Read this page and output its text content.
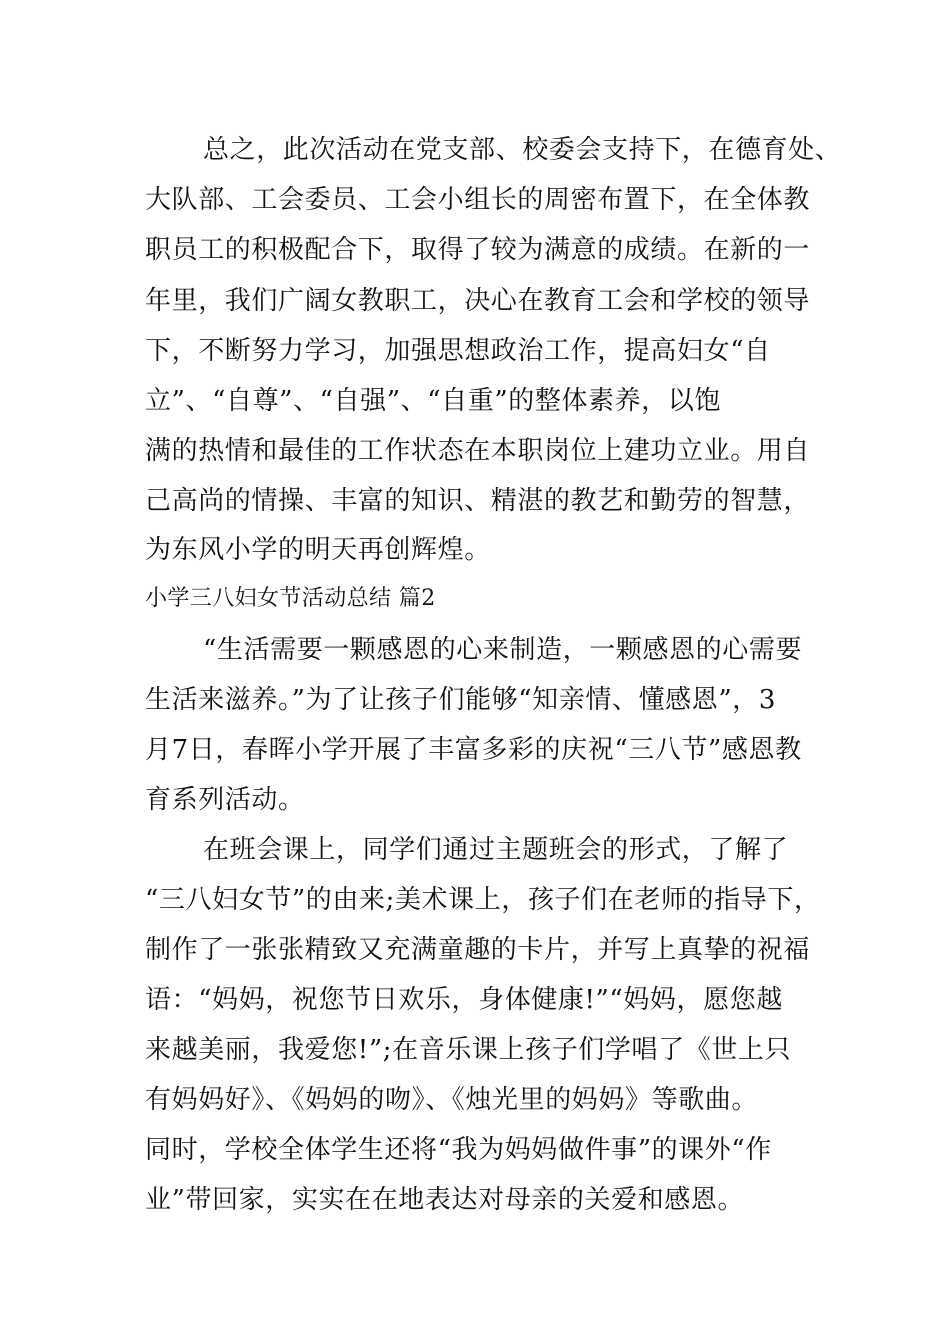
总之，此次活动在党支部、校委会支持下，在德育处、
大队部、工会委员、工会小组长的周密布置下，在全体教
职员工的积极配合下，取得了较为满意的成绩。在新的一
年里，我们广阔女教职工，决心在教育工会和学校的领导
下，不断努力学习，加强思想政治工作，提高妇女“自
立”、“自尊”、“自强”、“自重”的整体素养，以饱
满的热情和最佳的工作状态在本职岗位上建功立业。用自
己高尚的情操、丰富的知识、精湛的教艺和勤劳的智慧，
为东风小学的明天再创辉煌。
小学三八妇女节活动总结 篇2
“生活需要一颗感恩的心来制造，一颗感恩的心需要
生活来滋养。”为了让孩子们能够“知亲情、懂感恩”，3
月7日，春晖小学开展了丰富多彩的庆祝“三八节”感恩教
育系列活动。
在班会课上，同学们通过主题班会的形式，了解了
“三八妇女节”的由来;美术课上，孩子们在老师的指导下，
制作了一张张精致又充满童趣的卡片，并写上真挚的祝福
语：“妈妈，祝您节日欢乐，身体健康!”“妈妈，愿您越
来越美丽，我爱您!”;在音乐课上孩子们学唱了《世上只
有妈妈好》、《妈妈的吻》、《烛光里的妈妈》等歌曲。
同时，学校全体学生还将“我为妈妈做件事”的课外“作
业”带回家，实实在在地表达对母亲的关爱和感恩。
